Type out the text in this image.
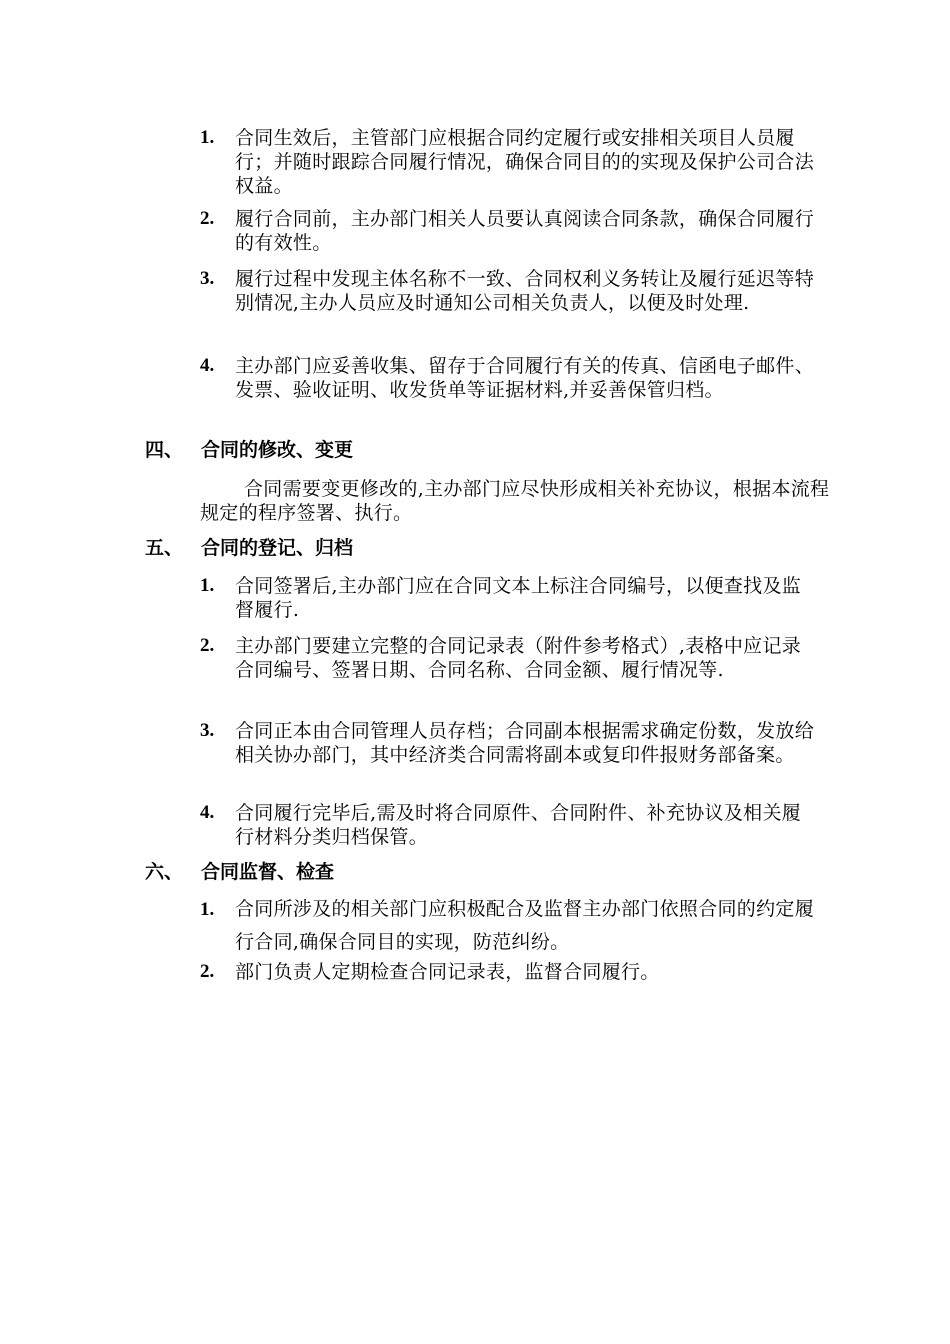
1.	合同生效后，主管部门应根据合同约定履行或安排相关项目人员履行；并随时跟踪合同履行情况，确保合同目的的实现及保护公司合法权益。
2.	履行合同前，主办部门相关人员要认真阅读合同条款，确保合同履行的有效性。
3.	履行过程中发现主体名称不一致、合同权利义务转让及履行延迟等特别情况,主办人员应及时通知公司相关负责人，以便及时处理.
4.	主办部门应妥善收集、留存于合同履行有关的传真、信函电子邮件、发票、验收证明、收发货单等证据材料,并妥善保管归档。
四、 合同的修改、变更
合同需要变更修改的,主办部门应尽快形成相关补充协议，根据本流程规定的程序签署、执行。
五、 合同的登记、归档
1.	合同签署后,主办部门应在合同文本上标注合同编号，以便查找及监督履行.
2.	主办部门要建立完整的合同记录表（附件参考格式）,表格中应记录合同编号、签署日期、合同名称、合同金额、履行情况等.
3.	合同正本由合同管理人员存档；合同副本根据需求确定份数，发放给相关协办部门，其中经济类合同需将副本或复印件报财务部备案。
4.	合同履行完毕后,需及时将合同原件、合同附件、补充协议及相关履行材料分类归档保管。
六、 合同监督、检查
1.	合同所涉及的相关部门应积极配合及监督主办部门依照合同的约定履行合同,确保合同目的实现，防范纠纷。
2.	部门负责人定期检查合同记录表，监督合同履行。
